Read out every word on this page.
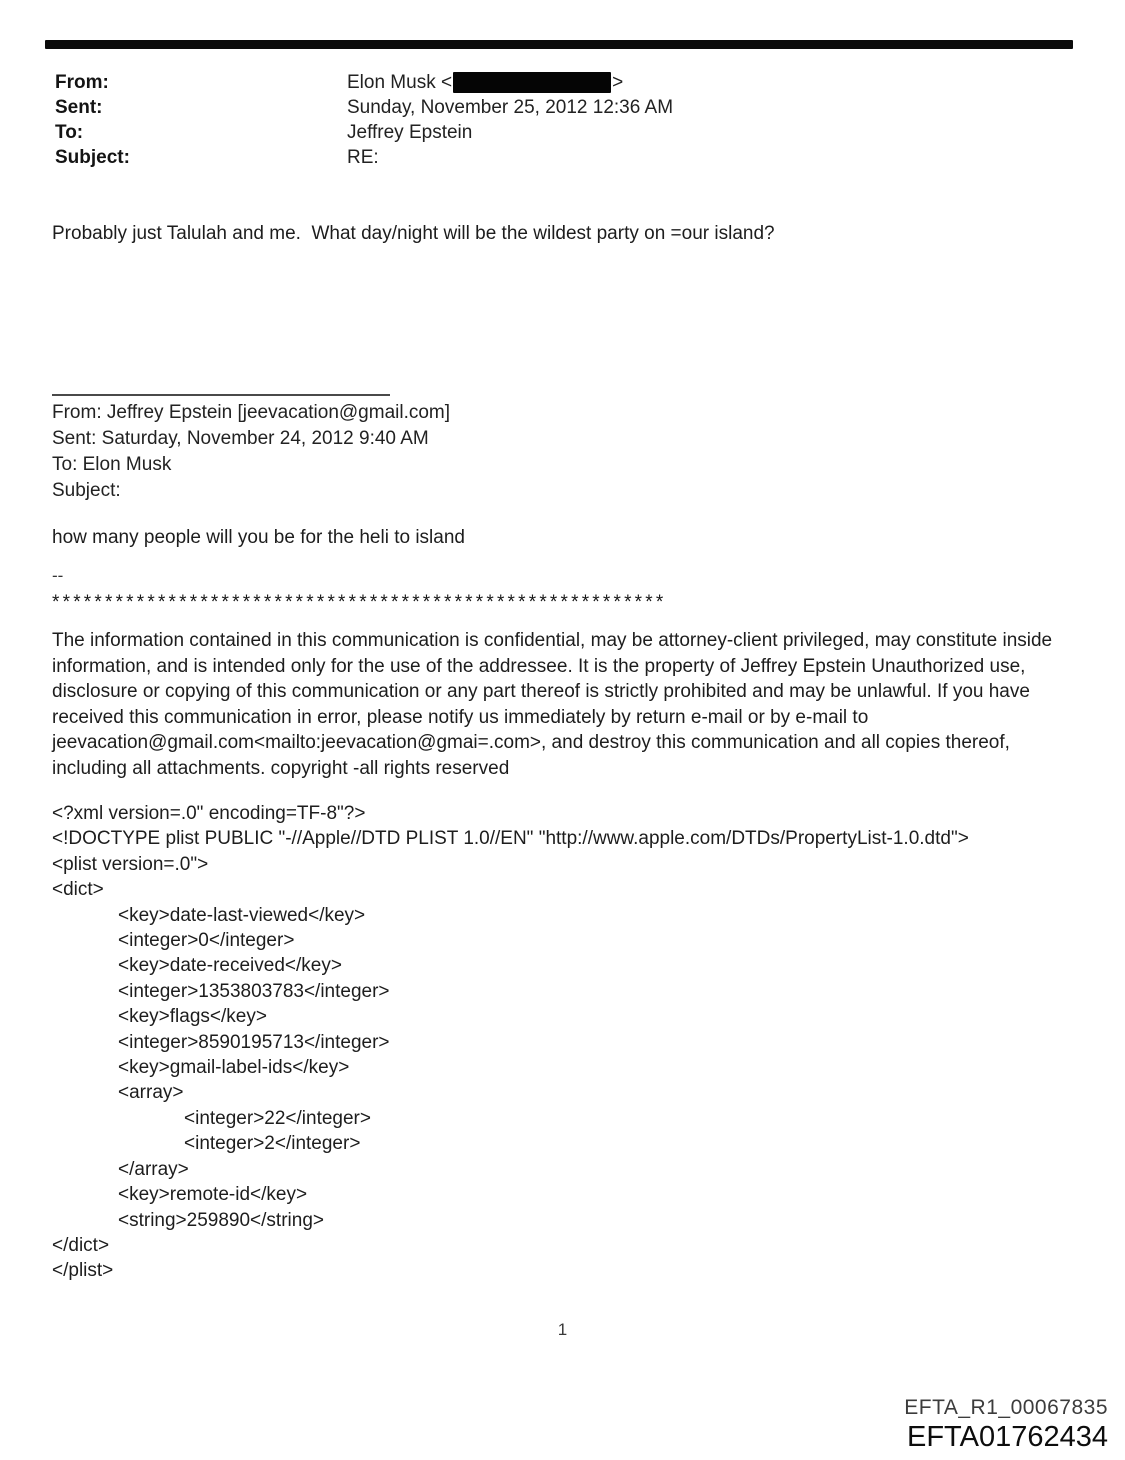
From:	Elon Musk <	>
Sent:	Sunday, November 25, 2012 12:36 AM
To:	Jeffrey Epstein
Subject:	RE:
Probably just Talulah and me.  What day/night will be the wildest party on =our island?
From: Jeffrey Epstein [jeevacation@gmail.com]
Sent: Saturday, November 24, 2012 9:40 AM
To: Elon Musk
Subject:
how many people will you be for the heli to island
--
**********************************************************
The information contained in this communication is confidential, may be attorney-client privileged, may constitute inside information, and is intended only for the use of the addressee. It is the property of Jeffrey Epstein Unauthorized use, disclosure or copying of this communication or any part thereof is strictly prohibited and may be unlawful. If you have received this communication in error, please notify us immediately by return e-mail or by e-mail to jeevacation@gmail.com<mailto:jeevacation@gmai=.com>, and destroy this communication and all copies thereof, including all attachments. copyright -all rights reserved
<?xml version=.0" encoding=TF-8"?>
<!DOCTYPE plist PUBLIC "-//Apple//DTD PLIST 1.0//EN" "http://www.apple.com/DTDs/PropertyList-1.0.dtd">
<plist version=.0">
<dict>
	<key>date-last-viewed</key>
	<integer>0</integer>
	<key>date-received</key>
	<integer>1353803783</integer>
	<key>flags</key>
	<integer>8590195713</integer>
	<key>gmail-label-ids</key>
	<array>
		<integer>22</integer>
		<integer>2</integer>
	</array>
	<key>remote-id</key>
	<string>259890</string>
</dict>
</plist>
1
EFTA_R1_00067835
EFTA01762434
